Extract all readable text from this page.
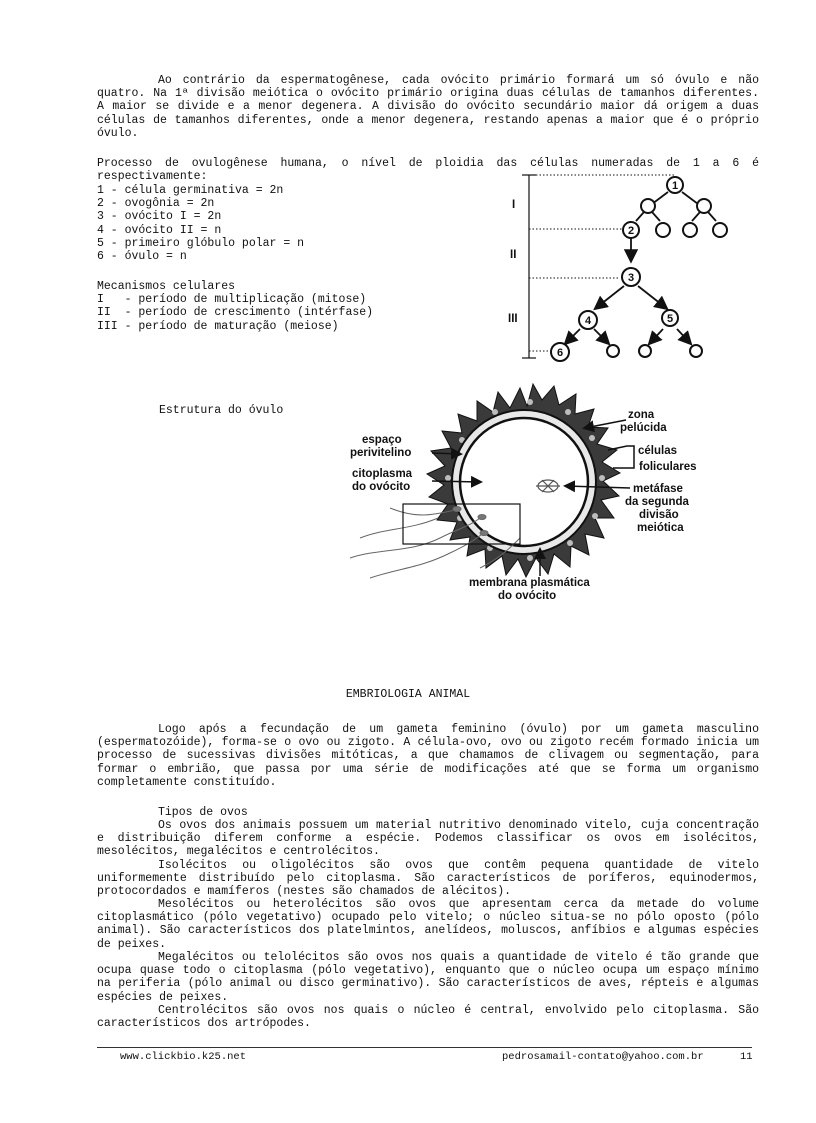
Ao contrário da espermatogênese, cada ovócito primário formará um só óvulo e não quatro. Na 1ª divisão meiótica o ovócito primário origina duas células de tamanhos diferentes. A maior se divide e a menor degenera. A divisão do ovócito secundário maior dá origem a duas células de tamanhos diferentes, onde a menor degenera, restando apenas a maior que é o próprio óvulo.

Processo de ovulogênese humana, o nível de ploidia das células numeradas de 1 a 6 é respectivamente:

1 - célula germinativa = 2n
2 - ovogônia = 2n
3 - ovócito I = 2n
4 - ovócito II = n
5 - primeiro glóbulo polar = n
6 - óvulo = n
Mecanismos celulares
I   - período de multiplicação (mitose)
II  - período de crescimento (intérfase)
III - período de maturação (meiose)
I
II
III
1
2
3
4	5
6
Estrutura do óvulo
espaço
perivitelino
citoplasma
do ovócito
zona
pelúcida
células
foliculares
metáfase
da segunda
divisão
meiótica
membrana plasmática
do ovócito
EMBRIOLOGIA ANIMAL

Logo após a fecundação de um gameta feminino (óvulo) por um gameta masculino (espermatozóide), forma-se o ovo ou zigoto. A célula-ovo, ovo ou zigoto recém formado inicia um processo de sucessivas divisões mitóticas, a que chamamos de clivagem ou segmentação, para formar o embrião, que passa por uma série de modificações até que se forma um organismo completamente constituído.

Tipos de ovos

Os ovos dos animais possuem um material nutritivo denominado vitelo, cuja concentração e distribuição diferem conforme a espécie. Podemos classificar os ovos em isolécitos, mesolécitos, megalécitos e centrolécitos.

Isolécitos ou oligolécitos são ovos que contêm pequena quantidade de vitelo uniformemente distribuído pelo citoplasma. São característicos de poríferos, equinodermos, protocordados e mamíferos (nestes são chamados de alécitos).

Mesolécitos ou heterolécitos são ovos que apresentam cerca da metade do volume citoplasmático (pólo vegetativo) ocupado pelo vitelo; o núcleo situa-se no pólo oposto (pólo animal). São característicos dos platelmintos, anelídeos, moluscos, anfíbios e algumas espécies de peixes.

Megalécitos ou telolécitos são ovos nos quais a quantidade de vitelo é tão grande que ocupa quase todo o citoplasma (pólo vegetativo), enquanto que o núcleo ocupa um espaço mínimo na periferia (pólo animal ou disco germinativo). São característicos de aves, répteis e algumas espécies de peixes.

Centrolécitos são ovos nos quais o núcleo é central, envolvido pelo citoplasma. São característicos dos artrópodes.

www.clickbio.k25.net	pedrosamail-contato@yahoo.com.br	11
